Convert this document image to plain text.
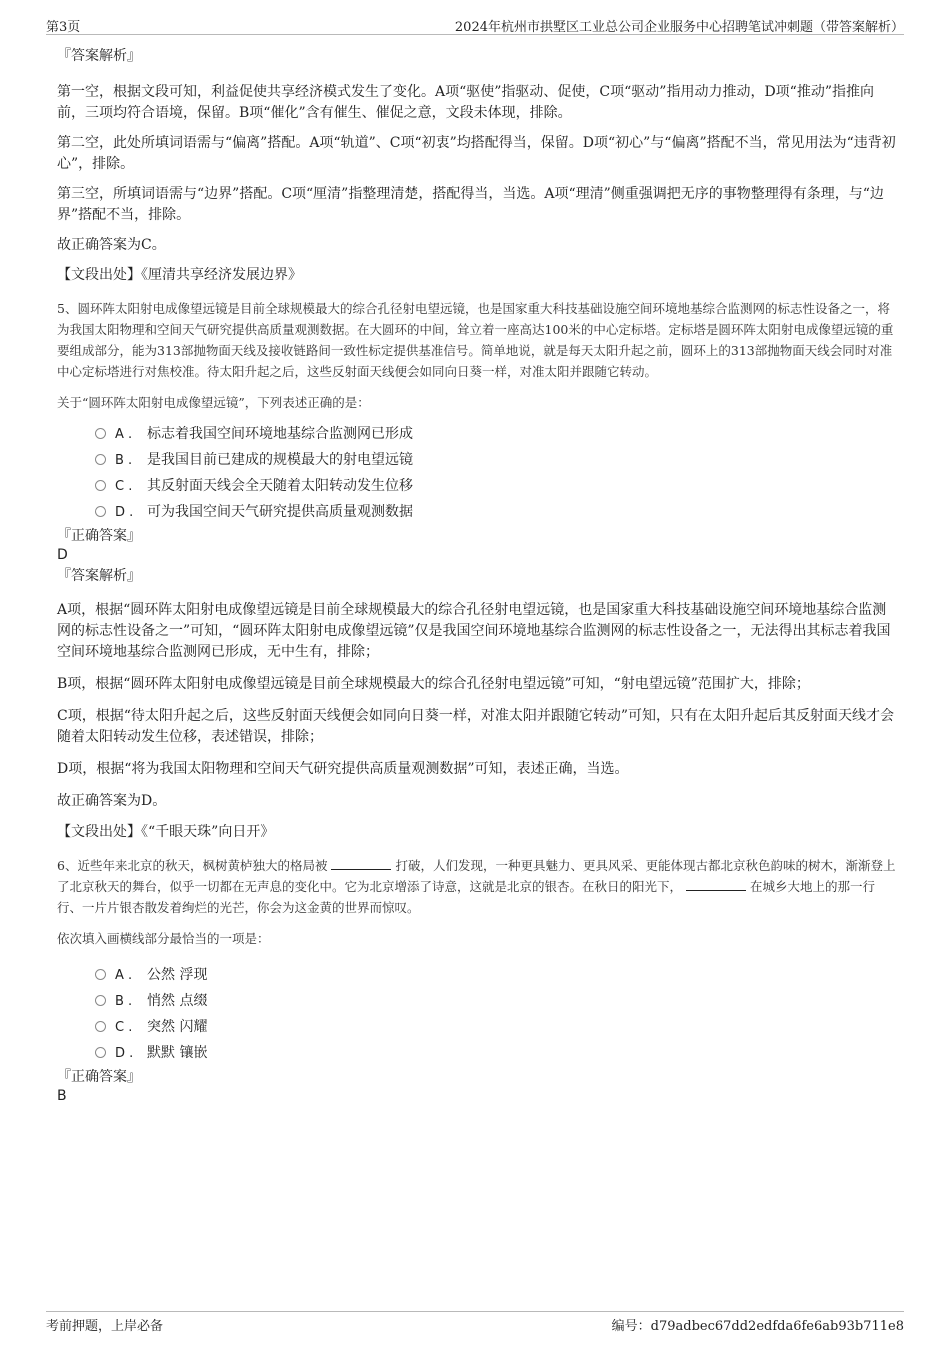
第3页	2024年杭州市拱墅区工业总公司企业服务中心招聘笔试冲刺题（带答案解析）

『答案解析』

第一空，根据文段可知，利益促使共享经济模式发生了变化。A项“驱使”指驱动、促使，C项“驱动”指用动力推动，D项“推动”指推向前，三项均符合语境，保留。B项“催化”含有催生、催促之意，文段未体现，排除。

第二空，此处所填词语需与“偏离”搭配。A项“轨道”、C项“初衷”均搭配得当，保留。D项“初心”与“偏离”搭配不当，常见用法为“违背初心”，排除。

第三空，所填词语需与“边界”搭配。C项“厘清”指整理清楚，搭配得当，当选。A项“理清”侧重强调把无序的事物整理得有条理，与“边界”搭配不当，排除。

故正确答案为C。

【文段出处】《厘清共享经济发展边界》

5、圆环阵太阳射电成像望远镜是目前全球规模最大的综合孔径射电望远镜，也是国家重大科技基础设施空间环境地基综合监测网的标志性设备之一，将为我国太阳物理和空间天气研究提供高质量观测数据。在大圆环的中间，耸立着一座高达100米的中心定标塔。定标塔是圆环阵太阳射电成像望远镜的重要组成部分，能为313部抛物面天线及接收链路间一致性标定提供基准信号。简单地说，就是每天太阳升起之前，圆环上的313部抛物面天线会同时对准中心定标塔进行对焦校准。待太阳升起之后，这些反射面天线便会如同向日葵一样，对准太阳并跟随它转动。

关于“圆环阵太阳射电成像望远镜”，下列表述正确的是：

A . 标志着我国空间环境地基综合监测网已形成
B . 是我国目前已建成的规模最大的射电望远镜
C . 其反射面天线会全天随着太阳转动发生位移
D . 可为我国空间天气研究提供高质量观测数据

『正确答案』

D

『答案解析』

A项，根据“圆环阵太阳射电成像望远镜是目前全球规模最大的综合孔径射电望远镜，也是国家重大科技基础设施空间环境地基综合监测网的标志性设备之一”可知，“圆环阵太阳射电成像望远镜”仅是我国空间环境地基综合监测网的标志性设备之一，无法得出其标志着我国空间环境地基综合监测网已形成，无中生有，排除；

B项，根据“圆环阵太阳射电成像望远镜是目前全球规模最大的综合孔径射电望远镜”可知，“射电望远镜”范围扩大，排除；

C项，根据“待太阳升起之后，这些反射面天线便会如同向日葵一样，对准太阳并跟随它转动”可知，只有在太阳升起后其反射面天线才会随着太阳转动发生位移，表述错误，排除；

D项，根据“将为我国太阳物理和空间天气研究提供高质量观测数据”可知，表述正确，当选。

故正确答案为D。

【文段出处】《“千眼天珠”向日开》

6、近些年来北京的秋天，枫树黄栌独大的格局被	打破，人们发现，一种更具魅力、更具风采、更能体现古都北京秋色韵味的树木，渐渐登上了北京秋天的舞台，似乎一切都在无声息的变化中。它为北京增添了诗意，这就是北京的银杏。在秋日的阳光下，	在城乡大地上的那一行行、一片片银杏散发着绚烂的光芒，你会为这金黄的世界而惊叹。

依次填入画横线部分最恰当的一项是：

A . 公然 浮现
B . 悄然 点缀
C . 突然 闪耀
D . 默默 镶嵌

『正确答案』

B

考前押题，上岸必备	编号：d79adbec67dd2edfda6fe6ab93b711e8
